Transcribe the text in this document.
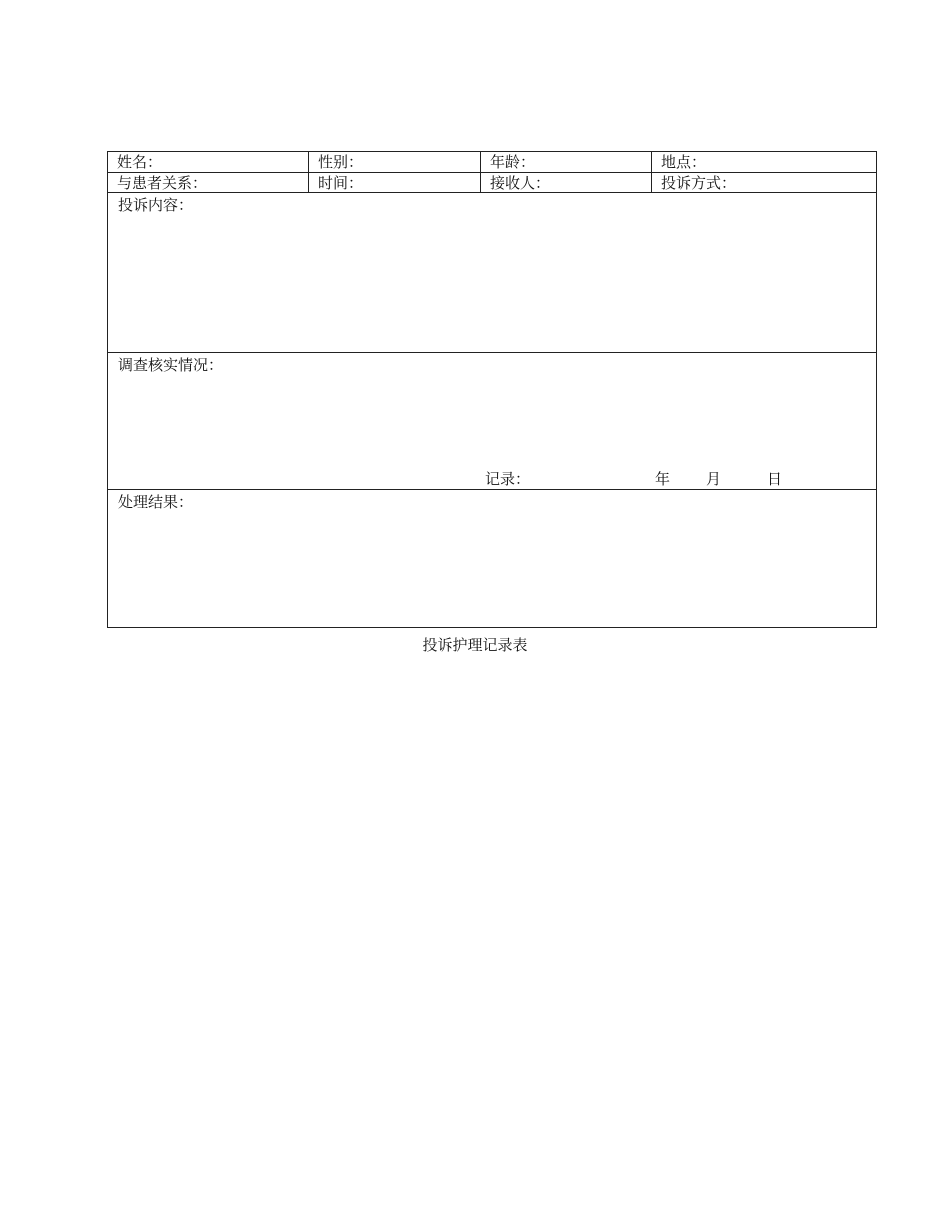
姓名：	性别：	年龄：	地点：
与患者关系：	时间：	接收人：	投诉方式：
投诉内容：
调查核实情况：
记录：	年 月	日
处理结果：
投诉护理记录表
